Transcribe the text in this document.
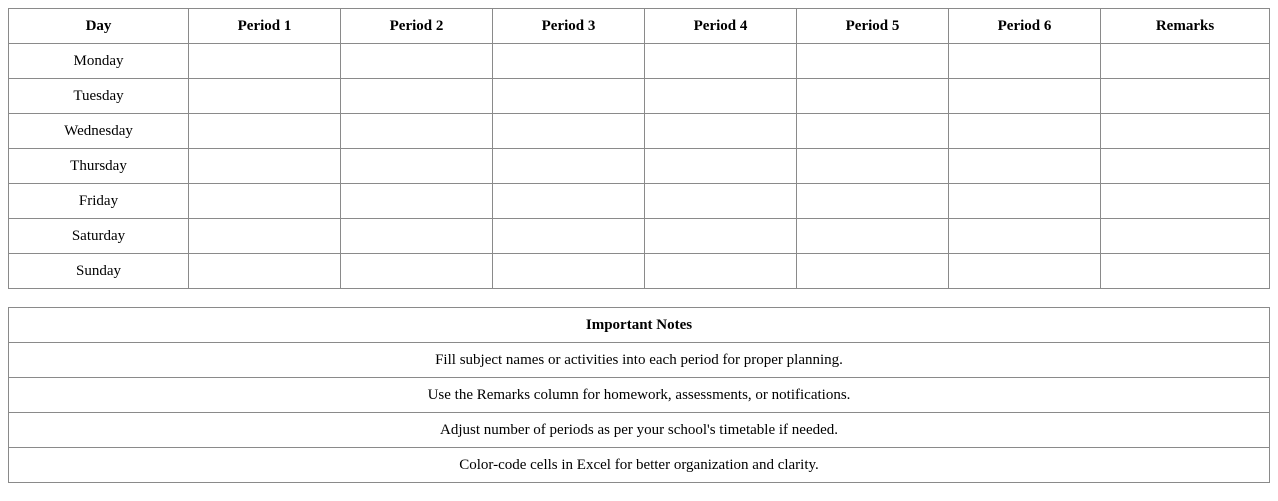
Day	Period 1	Period 2	Period 3	Period 4	Period 5	Period 6	Remarks
Monday							
Tuesday							
Wednesday							
Thursday							
Friday							
Saturday							
Sunday							
Important Notes
Fill subject names or activities into each period for proper planning.
Use the Remarks column for homework, assessments, or notifications.
Adjust number of periods as per your school's timetable if needed.
Color-code cells in Excel for better organization and clarity.
